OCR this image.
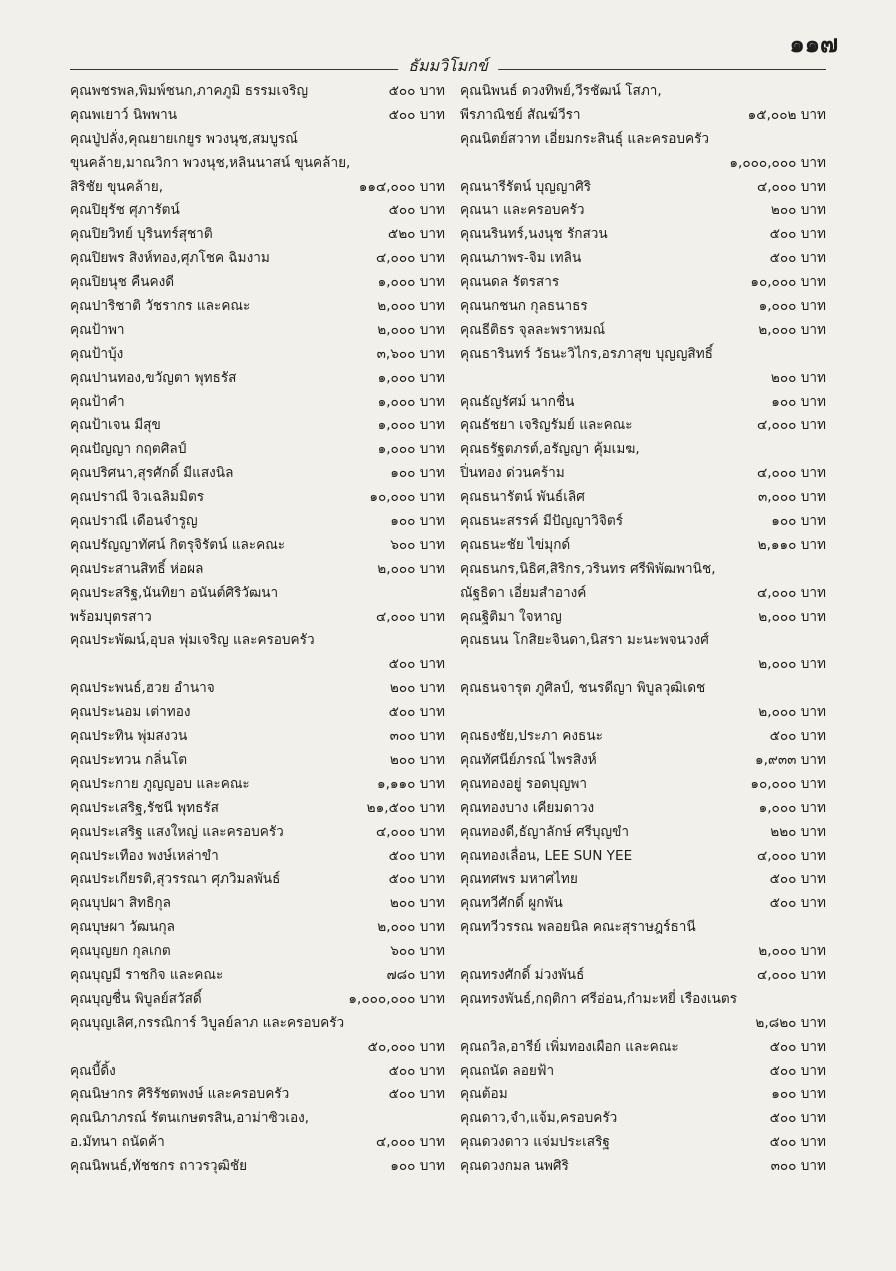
๑๑๗
ธัมมวิโมกข์
คุณพชรพล,พิมพ์ชนก,ภาคภูมิ ธรรมเจริญ	๕๐๐ บาท
คุณพเยาว์ นิพพาน	๕๐๐ บาท
คุณปู่ปลั่ง,คุณยายเกยูร พวงนุช,สมบูรณ์
ขุนคล้าย,มาณวิกา พวงนุช,หลินนาสน์ ขุนคล้าย,
สิริชัย ขุนคล้าย,	๑๑๔,๐๐๐ บาท
คุณปิยุรัช ศุภารัตน์	๕๐๐ บาท
คุณปิยวิทย์ บุรินทร์สุชาติ	๕๒๐ บาท
คุณปิยพร สิงห์ทอง,ศุภโชค ฉิมงาม	๔,๐๐๐ บาท
คุณปิยนุช คืนคงดี	๑,๐๐๐ บาท
คุณปาริชาติ วัชรากร และคณะ	๒,๐๐๐ บาท
คุณป้าพา	๒,๐๐๐ บาท
คุณป้าบุ้ง	๓,๖๐๐ บาท
คุณปานทอง,ขวัญตา พุทธรัส	๑,๐๐๐ บาท
คุณป้าคำ	๑,๐๐๐ บาท
คุณป้าเจน มีสุข	๑,๐๐๐ บาท
คุณปัญญา กฤตศิลป์	๑,๐๐๐ บาท
คุณปริศนา,สุรศักดิ์ มีแสงนิล	๑๐๐ บาท
คุณปราณี จิวเฉลิมมิตร	๑๐,๐๐๐ บาท
คุณปราณี เดือนจำรูญ	๑๐๐ บาท
คุณปรัญญาทัศน์ กิตรุจิรัตน์ และคณะ	๖๐๐ บาท
คุณประสานสิทธิ์ ห่อผล	๒,๐๐๐ บาท
คุณประสริฐ,นันทิยา อนันต์ศิริวัฒนา
พร้อมบุตรสาว	๔,๐๐๐ บาท
คุณประพัฒน์,อุบล พุ่มเจริญ และครอบครัว
๕๐๐ บาท
คุณประพนธ์,ฮวย อำนาจ	๒๐๐ บาท
คุณประนอม เต่าทอง	๕๐๐ บาท
คุณประทิน พุ่มสงวน	๓๐๐ บาท
คุณประทวน กลิ่นโต	๒๐๐ บาท
คุณประกาย ภูญญอบ และคณะ	๑,๑๑๐ บาท
คุณประเสริฐ,รัชนี พุทธรัส	๒๑,๕๐๐ บาท
คุณประเสริฐ แสงใหญ่ และครอบครัว	๔,๐๐๐ บาท
คุณประเทือง พงษ์เหล่าขำ	๕๐๐ บาท
คุณประเกียรติ,สุวรรณา ศุภวิมลพันธ์	๕๐๐ บาท
คุณบุปผา สิทธิกุล	๒๐๐ บาท
คุณบุษผา วัฒนกุล	๒,๐๐๐ บาท
คุณบุญยก กุลเกต	๖๐๐ บาท
คุณบุญมี ราชกิจ และคณะ	๗๘๐ บาท
คุณบุญชื่น พิบูลย์สวัสดิ์	๑,๐๐๐,๐๐๐ บาท
คุณบุญเลิศ,กรรณิการ์ วิบูลย์ลาภ และครอบครัว
๕๐,๐๐๐ บาท
คุณบี้ดิ้ง	๕๐๐ บาท
คุณนิษากร ศิริรัชตพงษ์ และครอบครัว	๕๐๐ บาท
คุณนิภาภรณ์ รัตนเกษตรสิน,อาม่าซิวเอง,
อ.มัทนา ถนัดค้า	๔,๐๐๐ บาท
คุณนิพนธ์,ทัชชกร ถาวรวุฒิชัย	๑๐๐ บาท
คุณนิพนธ์ ดวงทิพย์,วีรชัฒน์ โสภา,
พีรภาณิชย์ สัณฆ์วีรา	๑๕,๐๐๒ บาท
คุณนิตย์สวาท เอี่ยมกระสินธุ์ และครอบครัว
๑,๐๐๐,๐๐๐ บาท
คุณนารีรัตน์ บุญญาศิริ	๔,๐๐๐ บาท
คุณนา และครอบครัว	๒๐๐ บาท
คุณนรินทร์,นงนุช รักสวน	๕๐๐ บาท
คุณนภาพร-จิม เทลิน	๕๐๐ บาท
คุณนดล รัตรสาร	๑๐,๐๐๐ บาท
คุณนกชนก กุลธนาธร	๑,๐๐๐ บาท
คุณธีติธร จุลละพราหมณ์	๒,๐๐๐ บาท
คุณธารินทร์ วัธนะวิไกร,อรภาสุข บุญญสิทธิ์
๒๐๐ บาท
คุณธัญรัศม์ นากชื่น	๑๐๐ บาท
คุณธัชยา เจริญรัมย์ และคณะ	๔,๐๐๐ บาท
คุณธรัฐตภรต์,อรัญญา คุ้มเมฆ,
ปิ่นทอง ด่วนคร้าม	๔,๐๐๐ บาท
คุณธนารัตน์ พันธ์เลิศ	๓,๐๐๐ บาท
คุณธนะสรรค์ มีปัญญาวิจิตร์	๑๐๐ บาท
คุณธนะชัย ไข่มุกด์	๒,๑๑๐ บาท
คุณธนกร,นิธิศ,สิริกร,วรินทร ศรีพิพัฒพานิช,
ณัฐธิดา เอี่ยมสำอางค์	๔,๐๐๐ บาท
คุณฐิติมา ใจหาญ	๒,๐๐๐ บาท
คุณธนน โกสิยะจินดา,นิสรา มะนะพจนวงศ์
๒,๐๐๐ บาท
คุณธนจารุต ภูศิลป์, ชนรดีญา พิบูลวุฒิเดช
๒,๐๐๐ บาท
คุณธงชัย,ประภา คงธนะ	๕๐๐ บาท
คุณทัศนีย์ภรณ์ ไพรสิงห์	๑,๙๓๓ บาท
คุณทองอยู่ รอดบุญพา	๑๐,๐๐๐ บาท
คุณทองบาง เคียมดาวง	๑,๐๐๐ บาท
คุณทองดี,ธัญาลักษ์ ศรีบุญขำ	๒๒๐ บาท
คุณทองเลื่อน, LEE SUN YEE	๔,๐๐๐ บาท
คุณทศพร มหาศไทย	๕๐๐ บาท
คุณทวีศักดิ์ ผูกพัน	๕๐๐ บาท
คุณทวีวรรณ พลอยนิล คณะสุราษฎร์ธานี
๒,๐๐๐ บาท
คุณทรงศักดิ์ ม่วงพันธ์	๔,๐๐๐ บาท
คุณทรงพันธ์,กฤติกา ศรีอ่อน,กำมะหยี่ เรืองเนตร
๒,๘๒๐ บาท
คุณถวิล,อารีย์ เพิ่มทองเผือก และคณะ	๕๐๐ บาท
คุณถนัด ลอยฟ้า	๕๐๐ บาท
คุณต้อม	๑๐๐ บาท
คุณดาว,จำ,แจ้ม,ครอบครัว	๕๐๐ บาท
คุณดวงดาว แจ่มประเสริฐ	๕๐๐ บาท
คุณดวงกมล นพศิริ	๓๐๐ บาท
